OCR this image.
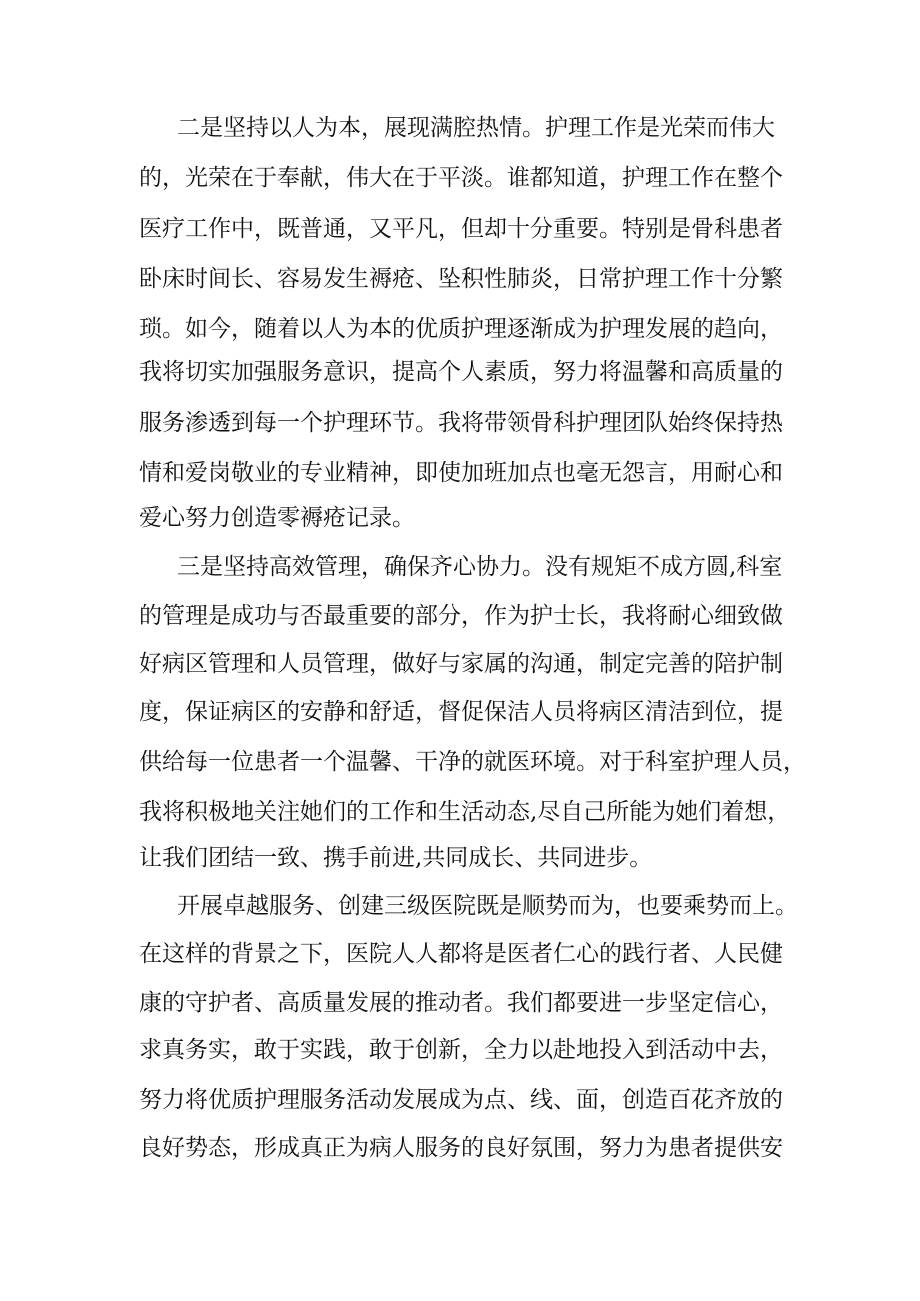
二是坚持以人为本，展现满腔热情。护理工作是光荣而伟大
的，光荣在于奉献，伟大在于平淡。谁都知道，护理工作在整个
医疗工作中，既普通，又平凡，但却十分重要。特别是骨科患者
卧床时间长、容易发生褥疮、坠积性肺炎，日常护理工作十分繁
琐。如今，随着以人为本的优质护理逐渐成为护理发展的趋向，
我将切实加强服务意识，提高个人素质，努力将温馨和高质量的
服务渗透到每一个护理环节。我将带领骨科护理团队始终保持热
情和爱岗敬业的专业精神，即使加班加点也毫无怨言，用耐心和
爱心努力创造零褥疮记录。
三是坚持高效管理，确保齐心协力。没有规矩不成方圆,科室
的管理是成功与否最重要的部分，作为护士长，我将耐心细致做
好病区管理和人员管理，做好与家属的沟通，制定完善的陪护制
度，保证病区的安静和舒适，督促保洁人员将病区清洁到位，提
供给每一位患者一个温馨、干净的就医环境。对于科室护理人员，
我将积极地关注她们的工作和生活动态,尽自己所能为她们着想，
让我们团结一致、携手前进,共同成长、共同进步。
开展卓越服务、创建三级医院既是顺势而为，也要乘势而上。
在这样的背景之下，医院人人都将是医者仁心的践行者、人民健
康的守护者、高质量发展的推动者。我们都要进一步坚定信心，
求真务实，敢于实践，敢于创新，全力以赴地投入到活动中去，
努力将优质护理服务活动发展成为点、线、面，创造百花齐放的
良好势态，形成真正为病人服务的良好氛围，努力为患者提供安
